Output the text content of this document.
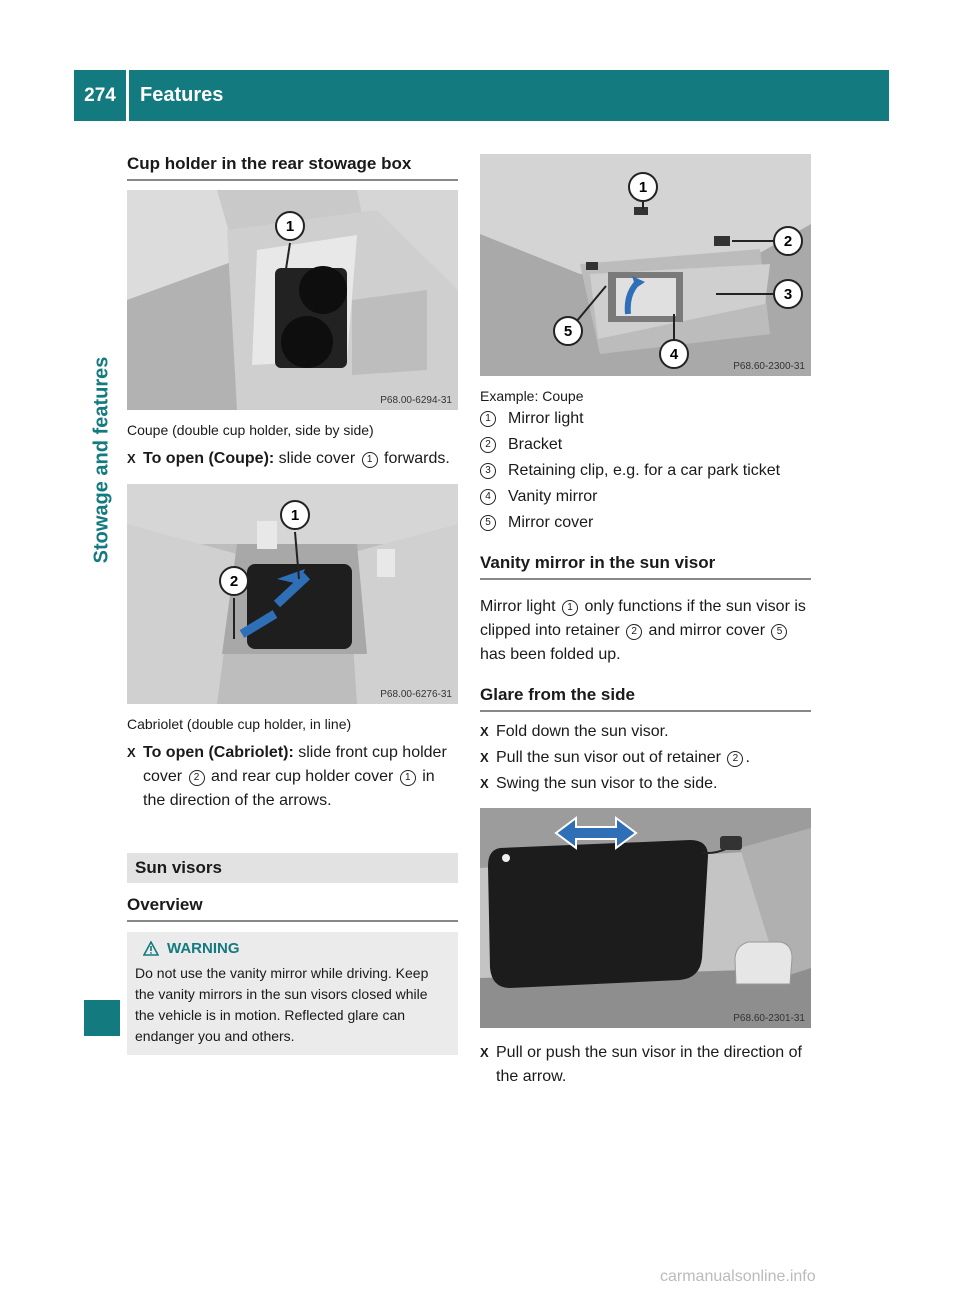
274	Features
Stowage and features
Cup holder in the rear stowage box
1
P68.00-6294-31
Coupe (double cup holder, side by side)
X To open (Coupe): slide cover 1 forwards.
1
2
P68.00-6276-31
Cabriolet (double cup holder, in line)
X To open (Cabriolet): slide front cup holder cover 2 and rear cup holder cover 1 in the direction of the arrows.
Sun visors
Overview
WARNING
Do not use the vanity mirror while driving. Keep the vanity mirrors in the sun visors closed while the vehicle is in motion. Reflected glare can endanger you and others.
1
2
3
4
5
P68.60-2300-31
Example: Coupe
1	Mirror light
2	Bracket
3	Retaining clip, e.g. for a car park ticket
4	Vanity mirror
5	Mirror cover
Vanity mirror in the sun visor
Mirror light 1 only functions if the sun visor is clipped into retainer 2 and mirror cover 5 has been folded up.
Glare from the side
X Fold down the sun visor.
X Pull the sun visor out of retainer 2 .
X Swing the sun visor to the side.
P68.60-2301-31
X Pull or push the sun visor in the direction of the arrow.
carmanualsonline.info
